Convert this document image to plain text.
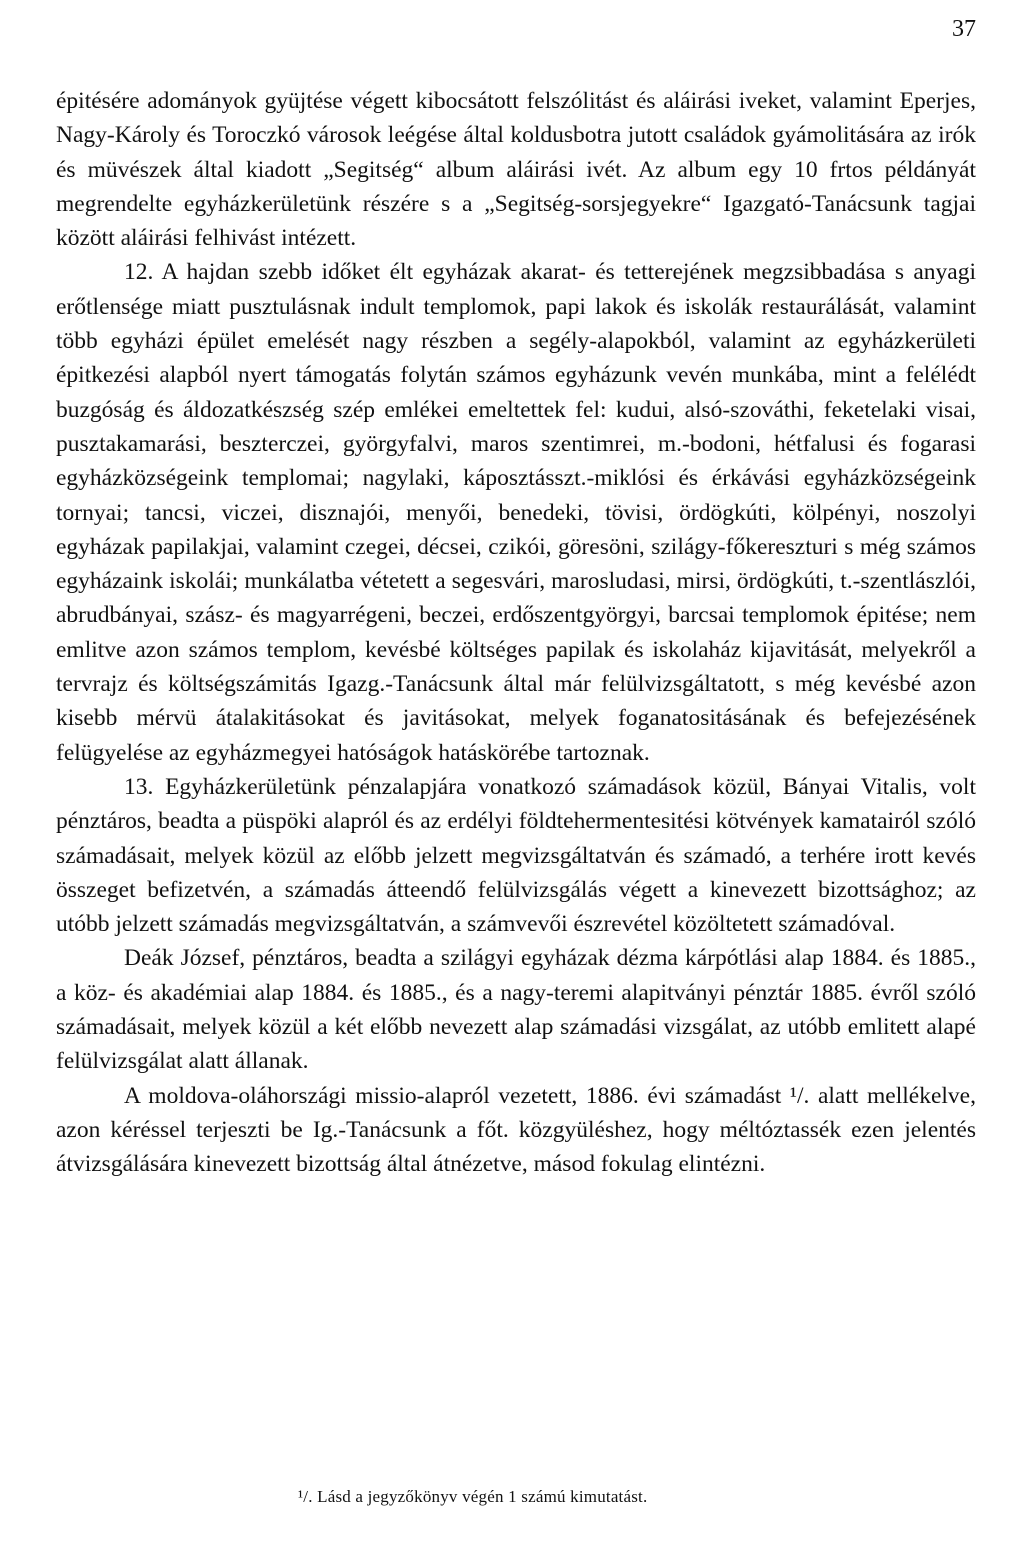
37

épitésére adományok gyüjtése végett kibocsátott felszólitást és aláirási iveket, valamint Eperjes, Nagy-Károly és Toroczkó városok leégése által koldusbotra jutott családok gyámolitására az irók és müvészek által kiadott „Segitség“ album aláirási ivét. Az album egy 10 frtos példányát megrendelte egyházkerületünk részére s a „Segitség-sorsjegyekre“ Igazgató-Tanácsunk tagjai között aláirási felhivást intézett.

12. A hajdan szebb időket élt egyházak akarat- és tetterejének megzsibbadása s anyagi erőtlensége miatt pusztulásnak indult templomok, papi lakok és iskolák restaurálását, valamint több egyházi épület emelését nagy részben a segély-alapokból, valamint az egyházkerületi épitkezési alapból nyert támogatás folytán számos egyházunk vevén munkába, mint a felélédt buzgóság és áldozatkészség szép emlékei emeltettek fel: kudui, alsó-szováthi, feketelaki visai, pusztakamarási, beszterczei, györgyfalvi, maros szentimrei, m.-bodoni, hétfalusi és fogarasi egyházközségeink templomai; nagylaki, káposztásszt.-miklósi és érkávási egyházközségeink tornyai; tancsi, viczei, disznajói, menyői, benedeki, tövisi, ördögkúti, kölpényi, noszolyi egyházak papilakjai, valamint czegei, décsei, czikói, göresöni, szilágy-főkereszturi s még számos egyházaink iskolái; munkálatba vétetett a segesvári, marosludasi, mirsi, ördögkúti, t.-szentlászlói, abrudbányai, szász- és magyarrégeni, beczei, erdőszentgyörgyi, barcsai templomok épitése; nem emlitve azon számos templom, kevésbé költséges papilak és iskolaház kijavitását, melyekről a tervrajz és költségszámitás Igazg.-Tanácsunk által már felülvizsgáltatott, s még kevésbé azon kisebb mérvü átalakitásokat és javitásokat, melyek foganatositásának és befejezésének felügyelése az egyházmegyei hatóságok hatáskörébe tartoznak.

13. Egyházkerületünk pénzalapjára vonatkozó számadások közül, Bányai Vitalis, volt pénztáros, beadta a püspöki alapról és az erdélyi földtehermentesitési kötvények kamatairól szóló számadásait, melyek közül az előbb jelzett megvizsgáltatván és számadó, a terhére irott kevés összeget befizetvén, a számadás átteendő felülvizsgálás végett a kinevezett bizottsághoz; az utóbb jelzett számadás megvizsgáltatván, a számvevői észrevétel közöltetett számadóval.

Deák József, pénztáros, beadta a szilágyi egyházak dézma kárpótlási alap 1884. és 1885., a köz- és akadémiai alap 1884. és 1885., és a nagy-teremi alapitványi pénztár 1885. évről szóló számadásait, melyek közül a két előbb nevezett alap számadási vizsgálat, az utóbb emlitett alapé felülvizsgálat alatt állanak.

A moldova-oláhországi missio-alapról vezetett, 1886. évi számadást ¹/. alatt mellékelve, azon kéréssel terjeszti be Ig.-Tanácsunk a főt. közgyüléshez, hogy méltóztassék ezen jelentés átvizsgálására kinevezett bizottság által átnézetve, másod fokulag elintézni.

¹/. Lásd a jegyzőkönyv végén 1 számú kimutatást.
